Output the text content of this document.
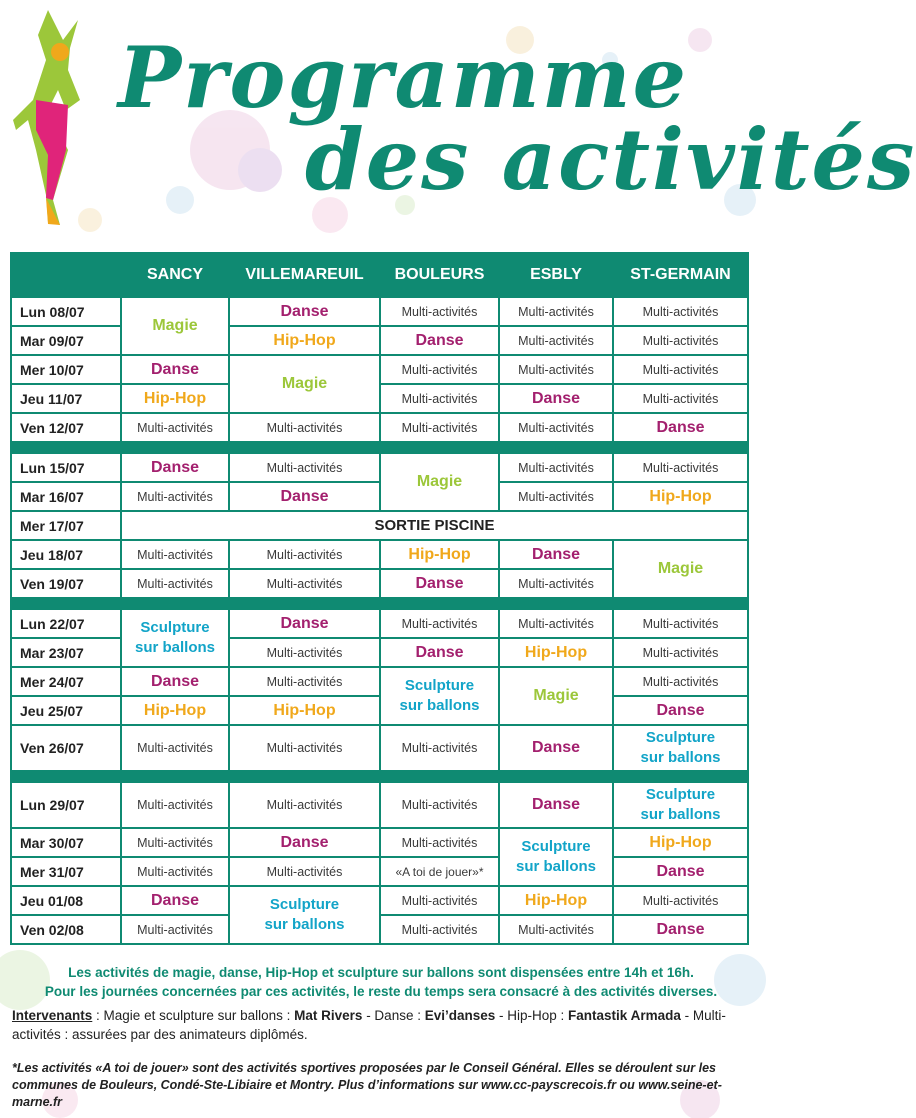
Programme
des activités
	SANCY	VILLEMAREUIL	BOULEURS	ESBLY	ST-GERMAIN
Lun 08/07	Magie	Danse	Multi-activités	Multi-activités	Multi-activités
Mar 09/07		Hip-Hop	Danse	Multi-activités	Multi-activités
Mer 10/07	Danse	Magie	Multi-activités	Multi-activités	Multi-activités
Jeu 11/07	Hip-Hop		Multi-activités	Danse	Multi-activités
Ven 12/07	Multi-activités	Multi-activités	Multi-activités	Multi-activités	Danse

Lun 15/07	Danse	Multi-activités	Magie	Multi-activités	Multi-activités
Mar 16/07	Multi-activités	Danse		Multi-activités	Hip-Hop
Mer 17/07	SORTIE PISCINE				
Jeu 18/07	Multi-activités	Multi-activités	Hip-Hop	Danse	Magie
Ven 19/07	Multi-activités	Multi-activités	Danse	Multi-activités	

Lun 22/07	Sculpture
sur ballons	Danse	Multi-activités	Multi-activités	Multi-activités
Mar 23/07		Multi-activités	Danse	Hip-Hop	Multi-activités
Mer 24/07	Danse	Multi-activités	Sculpture
sur ballons	Magie	Multi-activités
Jeu 25/07	Hip-Hop	Hip-Hop			Danse
Ven 26/07	Multi-activités	Multi-activités	Multi-activités	Danse	Sculpture
sur ballons

Lun 29/07	Multi-activités	Multi-activités	Multi-activités	Danse	Sculpture
sur ballons
Mar 30/07	Multi-activités	Danse	Multi-activités	Sculpture
sur ballons	Hip-Hop
Mer 31/07	Multi-activités	Multi-activités	«A toi de jouer»*		Danse
Jeu 01/08	Danse	Sculpture
sur ballons	Multi-activités	Hip-Hop	Multi-activités
Ven 02/08	Multi-activités		Multi-activités	Multi-activités	Danse
Les activités de magie, danse, Hip-Hop et sculpture sur ballons sont dispensées entre 14h et 16h.
Pour les journées concernées par ces activités, le reste du temps sera consacré à des activités diverses.
Intervenants : Magie et sculpture sur ballons : Mat Rivers - Danse : Evi’danses - Hip-Hop : Fantastik Armada - Multi-activités : assurées par des animateurs diplômés.
*Les activités «A toi de jouer» sont des activités sportives proposées par le Conseil Général. Elles se déroulent sur les communes de Bouleurs, Condé-Ste-Libiaire et Montry. Plus d’informations sur www.cc-payscrecois.fr ou www.seine-et-marne.fr
